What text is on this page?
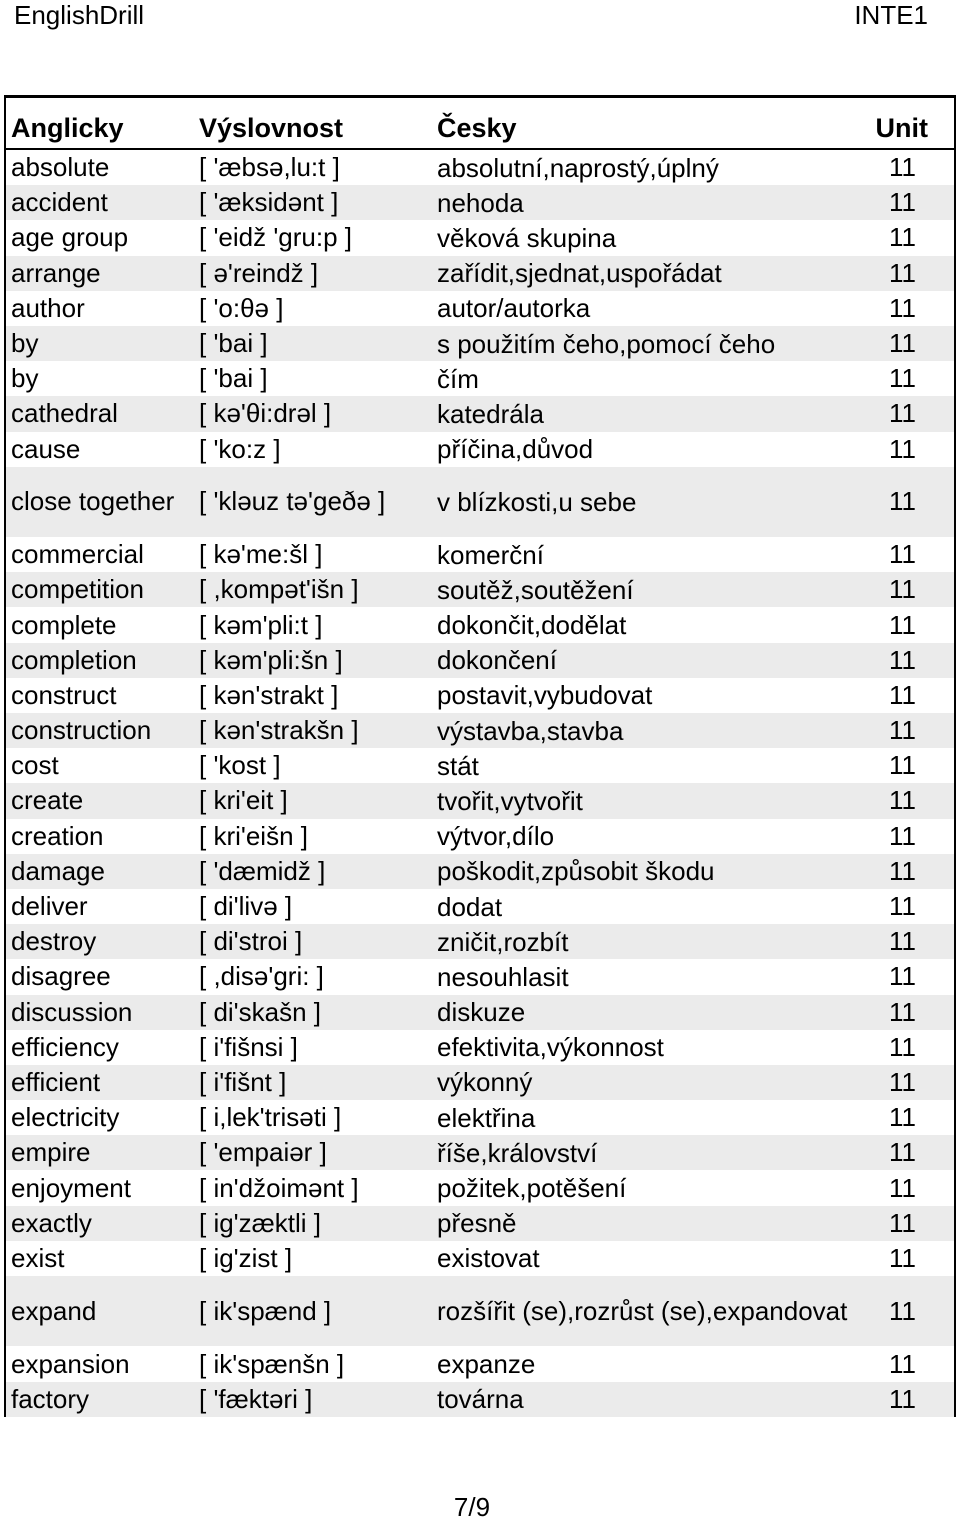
EnglishDrill	INTE1
Anglicky	Výslovnost	Česky	Unit
absolute	[ 'æbsə,lu:t ]	absolutní,naprostý,úplný	11
accident	[ 'æksidənt ]	nehoda	11
age group	[ 'eidž 'gru:p ]	věková skupina	11
arrange	[ ə'reindž ]	zařídit,sjednat,uspořádat	11
author	[ 'o:θə ]	autor/autorka	11
by	[ 'bai ]	s použitím čeho,pomocí čeho	11
by	[ 'bai ]	čím	11
cathedral	[ kə'θi:drəl ]	katedrála	11
cause	[ 'ko:z ]	příčina,důvod	11
close together [ 'kləuz tə'geðə ]	v blízkosti,u sebe	11
commercial	[ kə'me:šl ]	komerční	11
competition	[ ,kompət'išn ]	soutěž,soutěžení	11
complete	[ kəm'pli:t ]	dokončit,dodělat	11
completion	[ kəm'pli:šn ]	dokončení	11
construct	[ kən'strakt ]	postavit,vybudovat	11
construction	[ kən'strakšn ]	výstavba,stavba	11
cost	[ 'kost ]	stát	11
create	[ kri'eit ]	tvořit,vytvořit	11
creation	[ kri'eišn ]	výtvor,dílo	11
damage	[ 'dæmidž ]	poškodit,způsobit škodu	11
deliver	[ di'livə ]	dodat	11
destroy	[ di'stroi ]	zničit,rozbít	11
disagree	[ ,disə'gri: ]	nesouhlasit	11
discussion	[ di'skašn ]	diskuze	11
efficiency	[ i'fišnsi ]	efektivita,výkonnost	11
efficient	[ i'fišnt ]	výkonný	11
electricity	[ i,lek'trisəti ]	elektřina	11
empire	[ 'empaiər ]	říše,království	11
enjoyment	[ in'džoimənt ]	požitek,potěšení	11
exactly	[ ig'zæktli ]	přesně	11
exist	[ ig'zist ]	existovat	11
expand	[ ik'spænd ]	rozšířit (se),rozrůst (se),expandovat	11
expansion	[ ik'spænšn ]	expanze	11
factory	[ 'fæktəri ]	továrna	11
7/9
